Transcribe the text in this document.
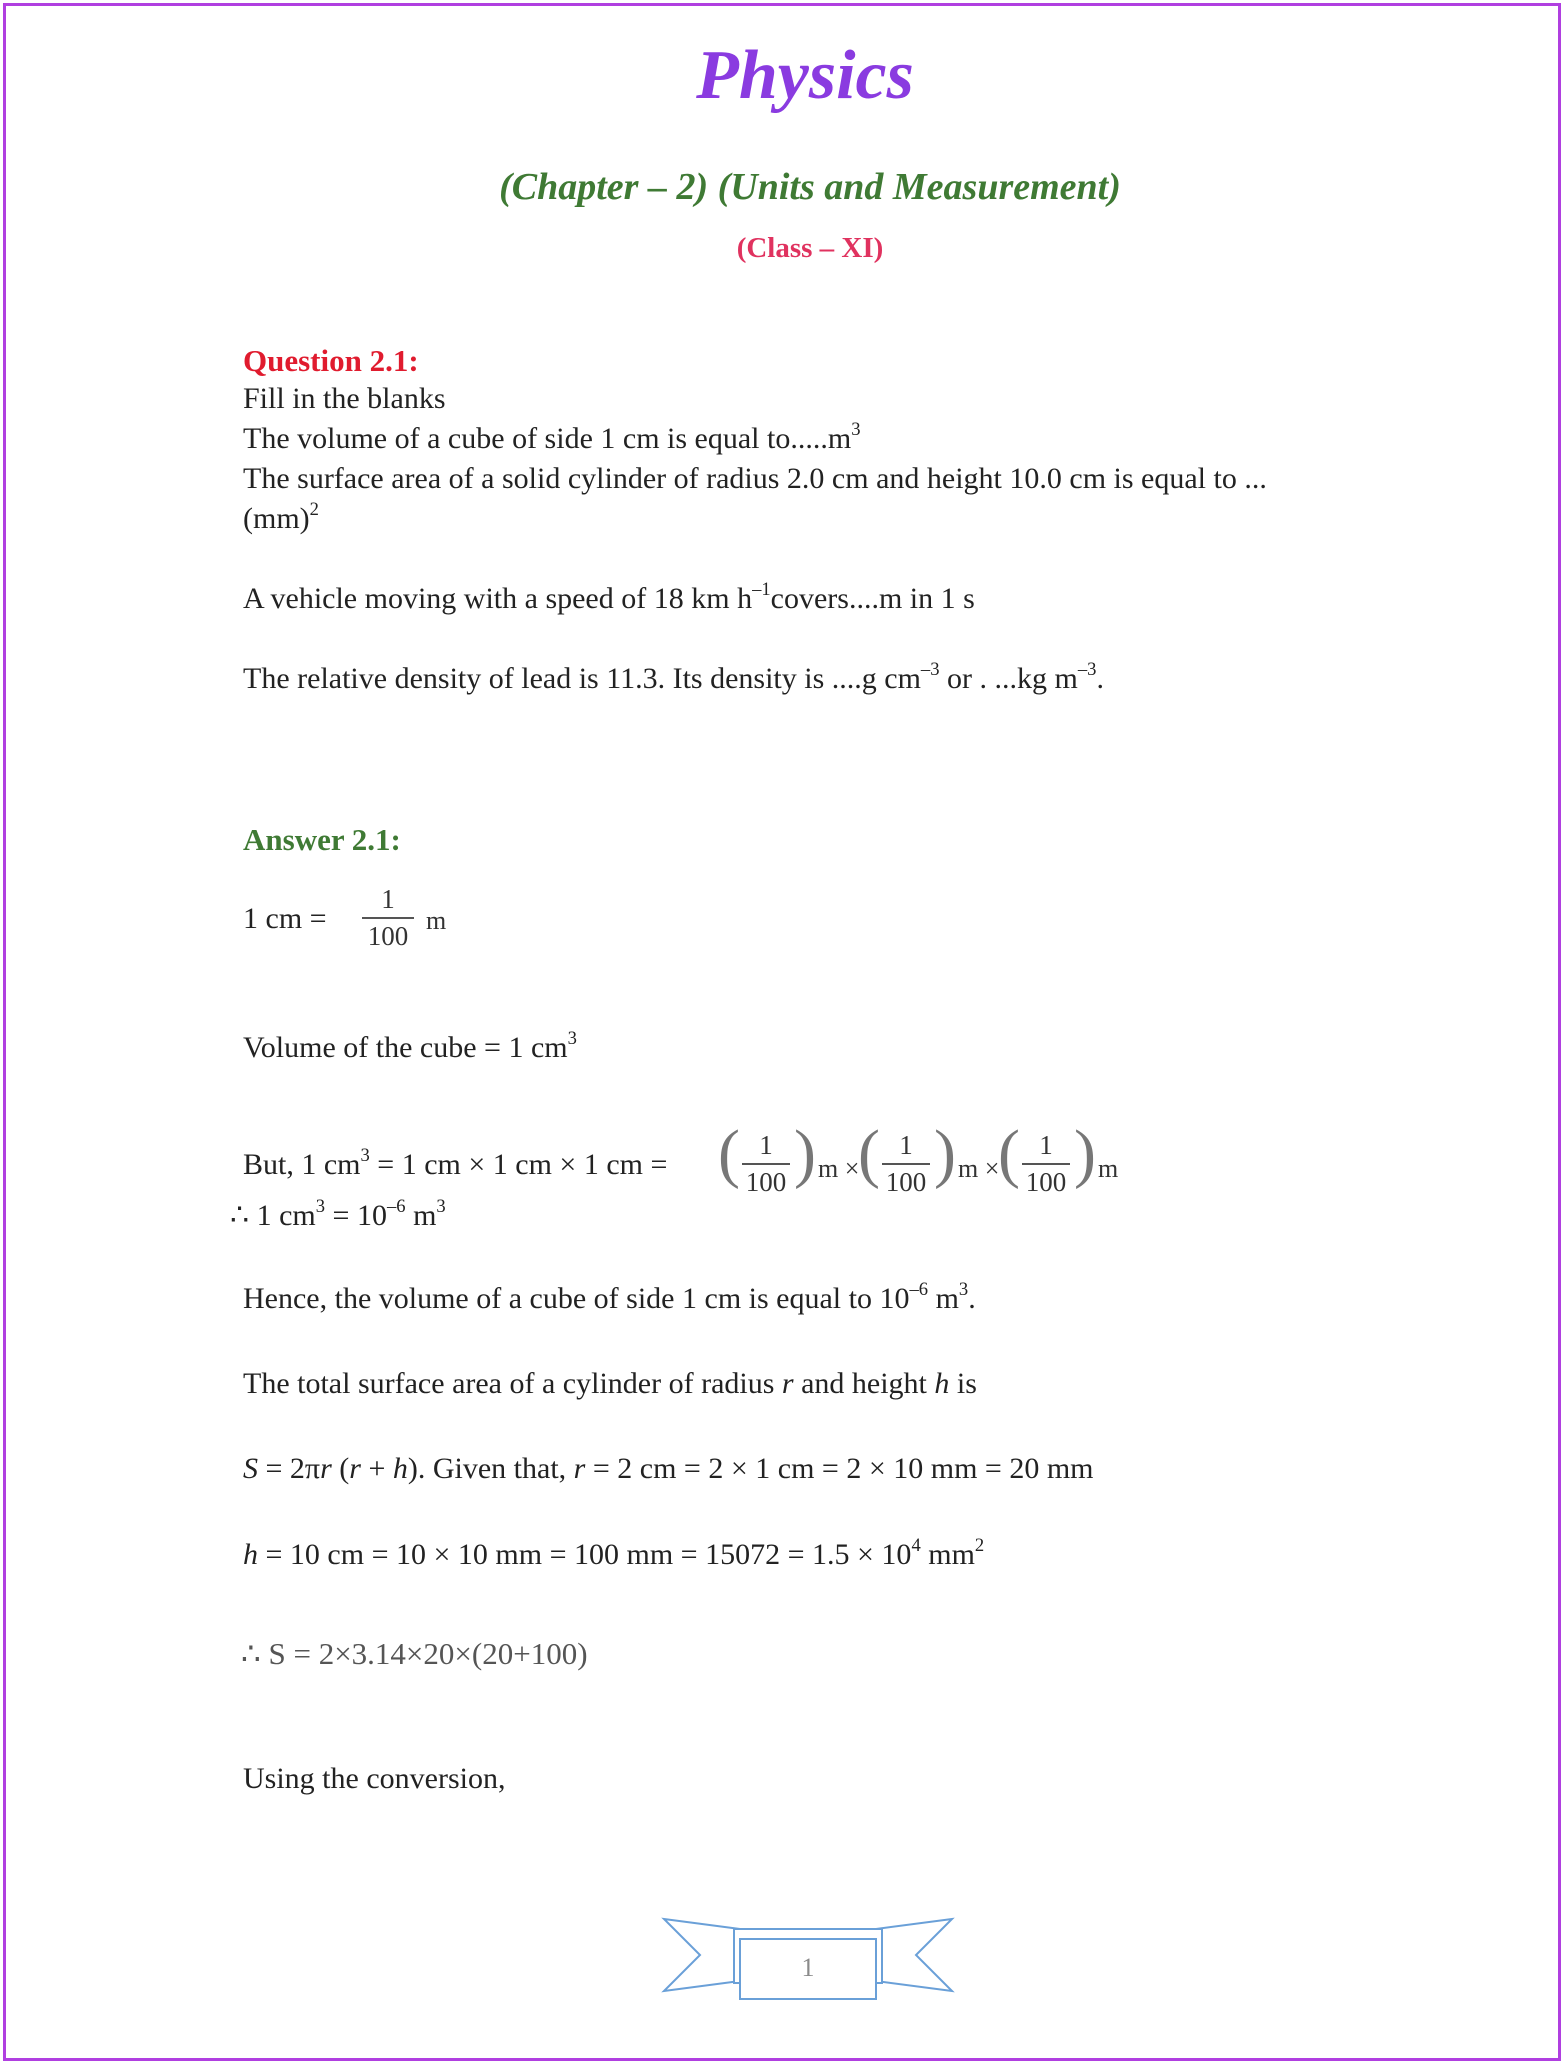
Physics
(Chapter – 2) (Units and Measurement)
(Class – XI)
Question 2.1:
Fill in the blanks
The volume of a cube of side 1 cm is equal $to.....m^3$
The surface area of a solid cylinder of radius 2.0 cm and height 10.0 cm is equal to ...
(mm)$^2$
A vehicle moving with a speed of 18 km $h^{-1}covers....m$ in 1 s
The relative density of lead is 11.3. Its density is ....g $cm^{-3}$ or . ...kg $m^{-3}$.
Answer 2.1:
1 cm =
1
100 m
Volume of the cube = 1 $cm^3$
But, 1 $cm^3 = 1$ cm × 1 cm × 1 cm = ( 1
100 ) m ×
( 1
100 ) m ×
( 1
100 ) m
∴ 1 $cm^3 = 10^{-6}$ $m^3$
Hence, the volume of a cube of side 1 cm is equal to $10^{-6}$ $m^3$.
The total surface area of a cylinder of radius r and height h is
S = 2πr (r + h). Given that, r = 2 cm = 2 × 1 cm = 2 × 10 mm = 20 mm
h = 10 cm = 10 × 10 mm = 100 mm = $15072 = 1.5 \times 10^4$ $mm^2$
∴ S = 2×3.14×20×(20+100)
Using the conversion,
1
